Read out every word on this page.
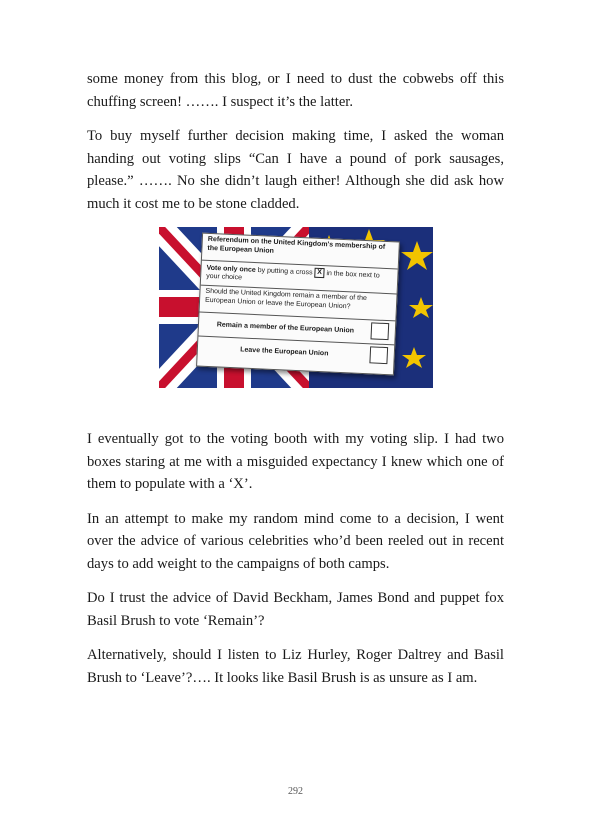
some money from this blog, or I need to dust the cobwebs off this chuffing screen! ……. I suspect it’s the latter.

To buy myself further decision making time, I asked the woman handing out voting slips “Can I have a pound of pork sausages, please.” ……. No she didn’t laugh either! Although she did ask how much it cost me to be stone cladded.

Referendum on the United Kingdom's membership of the European Union
Vote only once by putting a cross X in the box next to your choice
Should the United Kingdom remain a member of the European Union or leave the European Union?
Remain a member of the European Union
Leave the European Union

I eventually got to the voting booth with my voting slip. I had two boxes staring at me with a misguided expectancy I knew which one of them to populate with a ‘X’.

In an attempt to make my random mind come to a decision, I went over the advice of various celebrities who’d been reeled out in recent days to add weight to the campaigns of both camps.

Do I trust the advice of David Beckham, James Bond and puppet fox Basil Brush to vote ‘Remain’?

Alternatively, should I listen to Liz Hurley, Roger Daltrey and Basil Brush to ‘Leave’?…. It looks like Basil Brush is as unsure as I am.

292
